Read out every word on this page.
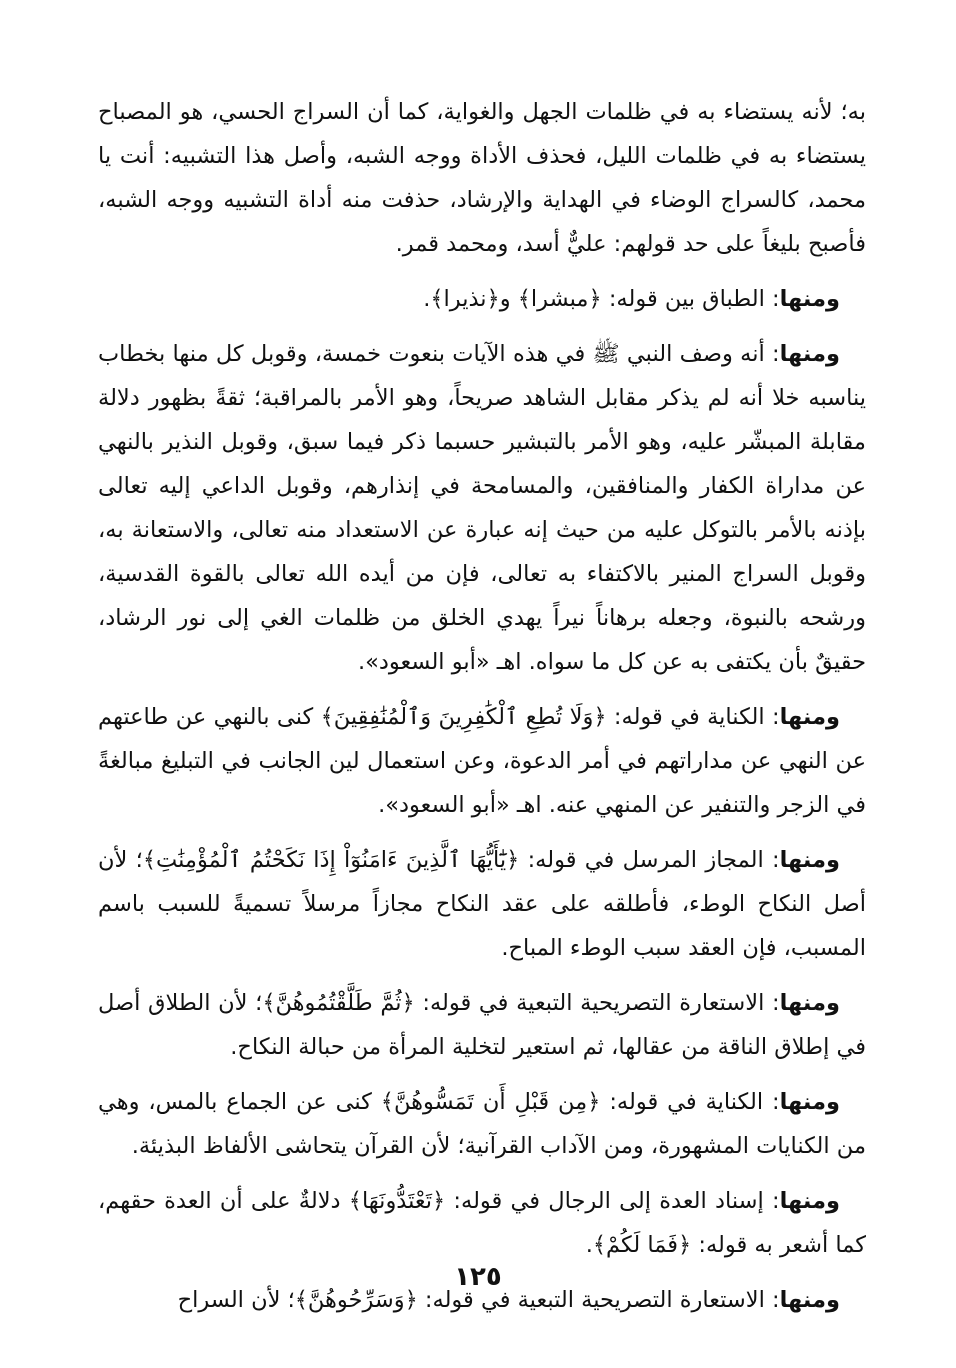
به؛ لأنه يستضاء به في ظلمات الجهل والغواية، كما أن السراج الحسي، هو المصباح يستضاء به في ظلمات الليل، فحذف الأداة ووجه الشبه، وأصل هذا التشبيه: أنت يا محمد، كالسراج الوضاء في الهداية والإرشاد، حذفت منه أداة التشبيه ووجه الشبه، فأصبح بليغاً على حد قولهم: عليٌّ أسد، ومحمد قمر.

ومنها: الطباق بين قوله: ﴿مبشرا﴾ و﴿نذيرا﴾.

ومنها: أنه وصف النبي ﷺ في هذه الآيات بنعوت خمسة، وقوبل كل منها بخطاب يناسبه خلا أنه لم يذكر مقابل الشاهد صريحاً، وهو الأمر بالمراقبة؛ ثقةً بظهور دلالة مقابلة المبشّر عليه، وهو الأمر بالتبشير حسبما ذكر فيما سبق، وقوبل النذير بالنهي عن مداراة الكفار والمنافقين، والمسامحة في إنذارهم، وقوبل الداعي إليه تعالى بإذنه بالأمر بالتوكل عليه من حيث إنه عبارة عن الاستعداد منه تعالى، والاستعانة به، وقوبل السراج المنير بالاكتفاء به تعالى، فإن من أيده الله تعالى بالقوة القدسية، ورشحه بالنبوة، وجعله برهاناً نيراً يهدي الخلق من ظلمات الغي إلى نور الرشاد، حقيقٌ بأن يكتفى به عن كل ما سواه. اهـ «أبو السعود».

ومنها: الكناية في قوله: ﴿وَلَا تُطِعِ ٱلْكَٰفِرِينَ وَٱلْمُنَٰفِقِينَ﴾ كنى بالنهي عن طاعتهم عن النهي عن مداراتهم في أمر الدعوة، وعن استعمال لين الجانب في التبليغ مبالغةً في الزجر والتنفير عن المنهي عنه. اهـ «أبو السعود».

ومنها: المجاز المرسل في قوله: ﴿يَٰٓأَيُّهَا ٱلَّذِينَ ءَامَنُوٓاْ إِذَا نَكَحْتُمُ ٱلْمُؤْمِنَٰتِ﴾؛ لأن أصل النكاح الوطء، فأطلقه على عقد النكاح مجازاً مرسلاً تسميةً للسبب باسم المسبب، فإن العقد سبب الوطء المباح.

ومنها: الاستعارة التصريحية التبعية في قوله: ﴿ثُمَّ طَلَّقْتُمُوهُنَّ﴾؛ لأن الطلاق أصل في إطلاق الناقة من عقالها، ثم استعير لتخلية المرأة من حبالة النكاح.

ومنها: الكناية في قوله: ﴿مِن قَبْلِ أَن تَمَسُّوهُنَّ﴾ كنى عن الجماع بالمس، وهي من الكنايات المشهورة، ومن الآداب القرآنية؛ لأن القرآن يتحاشى الألفاظ البذيئة.

ومنها: إسناد العدة إلى الرجال في قوله: ﴿تَعْتَدُّونَهَا﴾ دلالةٌ على أن العدة حقهم، كما أشعر به قوله: ﴿فَمَا لَكُمْ﴾.

ومنها: الاستعارة التصريحية التبعية في قوله: ﴿وَسَرِّحُوهُنَّ﴾؛ لأن السراح

١٢٥
